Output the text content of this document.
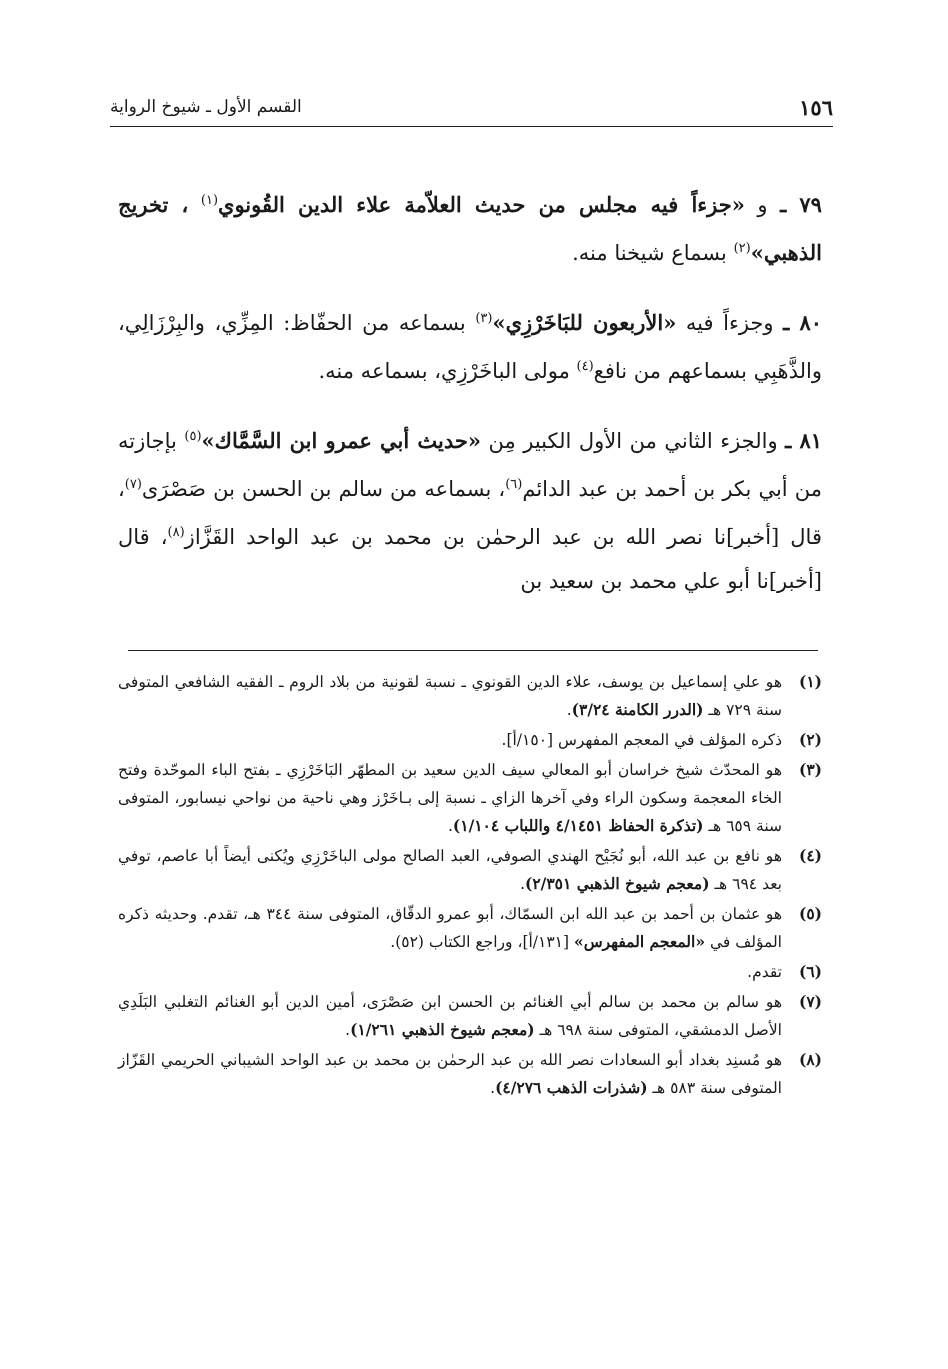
١٥٦
القسم الأول ـ شيوخ الرواية

٧٩ ـ و «جزءاً فيه مجلس من حديث العلاّمة علاء الدين القُونوي$^{(١)}$ ، تخريج الذهبي»$^{(٢)}$ بسماع شيخنا منه.

٨٠ ـ وجزءاً فيه «الأربعون للبَاخَرْزِي»$^{(٣)}$ بسماعه من الحفّاظ: المِزِّي، والبِرْزَالِي، والذَّهَبِي بسماعهم من نافع$^{(٤)}$ مولى الباخَرْزِي، بسماعه منه.

٨١ ـ والجزء الثاني من الأول الكبير مِن «حديث أبي عمرو ابن السَّمَّاك»$^{(٥)}$ بإجازته من أبي بكر بن أحمد بن عبد الدائم$^{(٦)}$، بسماعه من سالم بن الحسن بن صَصْرَى$^{(٧)}$، قال [أخبر]نا نصر الله بن عبد الرحمٰن بن محمد بن عبد الواحد القَزَّاز$^{(٨)}$، قال [أخبر]نا أبو علي محمد بن سعيد بن

(١)
هو علي إسماعيل بن يوسف، علاء الدين القونوي ـ نسبة لقونية من بلاد الروم ـ الفقيه الشافعي المتوفى سنة ٧٢٩ هـ (الدرر الكامنة ٣/٢٤).
(٢)
ذكره المؤلف في المعجم المفهرس [١٥٠/أ].
(٣)
هو المحدّث شيخ خراسان أبو المعالي سيف الدين سعيد بن المطهّر البَاخَرْزِي ـ بفتح الباء الموحّدة وفتح الخاء المعجمة وسكون الراء وفي آخرها الزاي ـ نسبة إلى بـاخَرْز وهي ناحية من نواحي نيسابور، المتوفى سنة ٦٥٩ هـ (تذكرة الحفاظ ٤/١٤٥١ واللباب ١/١٠٤).
(٤)
هو نافع بن عبد الله، أبو نُجَيْح الهندي الصوفي، العبد الصالح مولى الباخَرْزِي ويُكنى أيضاً أبا عاصم، توفي بعد ٦٩٤ هـ (معجم شيوخ الذهبي ٢/٣٥١).
(٥)
هو عثمان بن أحمد بن عبد الله ابن السمّاك، أبو عمرو الدقّاق، المتوفى سنة ٣٤٤ هـ، تقدم. وحديثه ذكره المؤلف في «المعجم المفهرس» [١٣١/أ]، وراجع الكتاب (٥٢).
(٦)
تقدم.
(٧)
هو سالم بن محمد بن سالم أبي الغنائم بن الحسن ابن صَصْرَى، أمين الدين أبو الغنائم التغلبي البَلَدِي الأصل الدمشقي، المتوفى سنة ٦٩٨ هـ (معجم شيوخ الذهبي ١/٢٦١).
(٨)
هو مُسنِد بغداد أبو السعادات نصر الله بن عبد الرحمٰن بن محمد بن عبد الواحد الشيباني الحريمي القَزّاز المتوفى سنة ٥٨٣ هـ (شذرات الذهب ٤/٢٧٦).
